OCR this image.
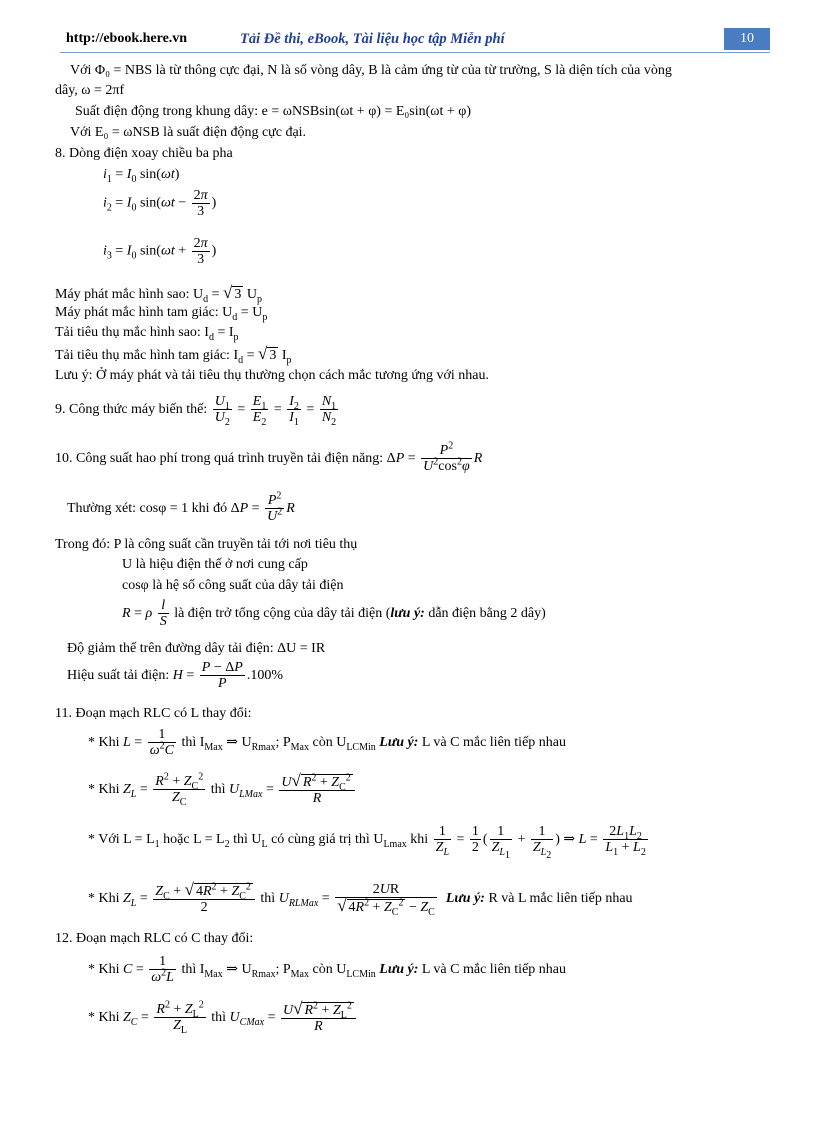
http://ebook.here.vn	Tải Đề thi, eBook, Tài liệu học tập Miễn phí	10
Với Φ₀ = NBS là từ thông cực đại, N là số vòng dây, B là cảm ứng từ của từ trường, S là diện tích của vòng
dây, ω = 2πf
Suất điện động trong khung dây: e = ωNSBsin(ωt + φ) = E₀sin(ωt + φ)
Với E₀ = ωNSB là suất điện động cực đại.
8. Dòng điện xoay chiều ba pha
$i_1 = I_0$ sin(ωt)
$i_2 = I_0$ $\sin(\omega t - \frac{2\pi}{3}$ )
$i_3 = I_0$ $\sin(\omega t + \frac{2\pi}{3}$ )
Máy phát mắc hình sao: $U_d$ = √ 3 $U_p$
Máy phát mắc hình tam giác: $U_d = U_p$
Tải tiêu thụ mắc hình sao: $I_d = I_p$
Tải tiêu thụ mắc hình tam giác: $I_d$ = √ 3 $I_p$
Lưu ý: Ở máy phát và tải tiêu thụ thường chọn cách mắc tương ứng với nhau.
9. Công thức máy biến thế: $\frac{U_1}{U_2} = \frac{E_1}{E_2} = \frac{I_2}{I_1} = \frac{N_1}{N_2}$
10. Công suất hao phí trong quá trình truyền tải điện năng: $\Delta P = \frac{P^2}{U^2\cos^2\varphi}$ R
Thường xét: cosφ = 1 khi đó $\Delta P = \frac{P^2}{U^2}$ R
Trong đó: P là công suất cần truyền tải tới nơi tiêu thụ
U là hiệu điện thế ở nơi cung cấp
cosφ là hệ số công suất của dây tải điện
R = ρ $\frac{l}{S}$ là điện trở tổng cộng của dây tải điện (lưu ý: dẫn điện bằng 2 dây)
Độ giảm thế trên đường dây tải điện: ΔU = IR
Hiệu suất tải điện: $H = \frac{P - \Delta P}{P} .100\%$
11. Đoạn mạch RLC có L thay đổi:
* Khi $L = \frac{1}{\omega^2C}$ thì $I_{Max}$ ⇒ $U_{Rmax}$; $P_{Max}$ còn $U_{LCMin}$ Lưu ý: L và C mắc liên tiếp nhau
* Khi $Z_L = \frac{R^2 + Z_C^2}{Z_C}$ thì $U_{LMax} = \frac{U√ R^2 + Z_C^2}{R}$
* Với $L = L_1$ hoặc $L = L_2$ thì $U_L$ có cùng giá trị thì $U_{Lmax}$ khi $\frac{1}{Z_L} = \frac{1}{2}$ ( $\frac{1}{Z_{L_1}} + \frac{1}{Z_{L_2}}$ ) ⇒ $L = \frac{2L_1L_2}{L_1 + L_2}$
* Khi $Z_L = \frac{Z_C + √ 4R^2 + Z_C^2}{2}$ thì $U_{RLMax} = \frac{2UR}{√ 4R^2 + Z_C^2 - Z_C}$ Lưu ý: R và L mắc liên tiếp nhau
12. Đoạn mạch RLC có C thay đổi:
* Khi $C = \frac{1}{\omega^2L}$ thì $I_{Max}$ ⇒ $U_{Rmax}$; $P_{Max}$ còn $U_{LCMin}$ Lưu ý: L và C mắc liên tiếp nhau
* Khi $Z_C = \frac{R^2 + Z_L^2}{Z_L}$ thì $U_{CMax} = \frac{U√ R^2 + Z_L^2}{R}$
